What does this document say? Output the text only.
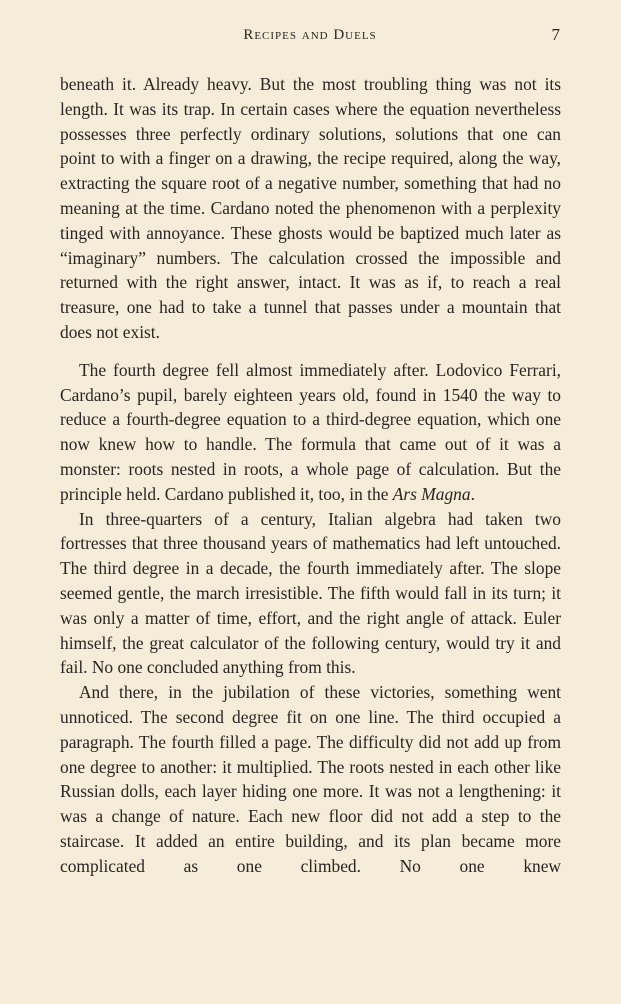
Recipes and Duels	7

beneath it. Already heavy. But the most troubling thing was not its length. It was its trap. In certain cases where the equation nevertheless possesses three perfectly ordinary solutions, solutions that one can point to with a finger on a drawing, the recipe required, along the way, extracting the square root of a negative number, something that had no meaning at the time. Cardano noted the phenomenon with a perplexity tinged with annoyance. These ghosts would be baptized much later as “imaginary” numbers. The calculation crossed the impossible and returned with the right answer, intact. It was as if, to reach a real treasure, one had to take a tunnel that passes under a mountain that does not exist.

The fourth degree fell almost immediately after. Lodovico Ferrari, Cardano’s pupil, barely eighteen years old, found in 1540 the way to reduce a fourth-degree equation to a third-degree equation, which one now knew how to handle. The formula that came out of it was a monster: roots nested in roots, a whole page of calculation. But the principle held. Cardano published it, too, in the Ars Magna.

In three-quarters of a century, Italian algebra had taken two fortresses that three thousand years of mathematics had left untouched. The third degree in a decade, the fourth immediately after. The slope seemed gentle, the march irresistible. The fifth would fall in its turn; it was only a matter of time, effort, and the right angle of attack. Euler himself, the great calculator of the following century, would try it and fail. No one concluded anything from this.

And there, in the jubilation of these victories, something went unnoticed. The second degree fit on one line. The third occupied a paragraph. The fourth filled a page. The difficulty did not add up from one degree to another: it multiplied. The roots nested in each other like Russian dolls, each layer hiding one more. It was not a lengthening: it was a change of nature. Each new floor did not add a step to the staircase. It added an entire building, and its plan became more complicated as one climbed. No one knew
